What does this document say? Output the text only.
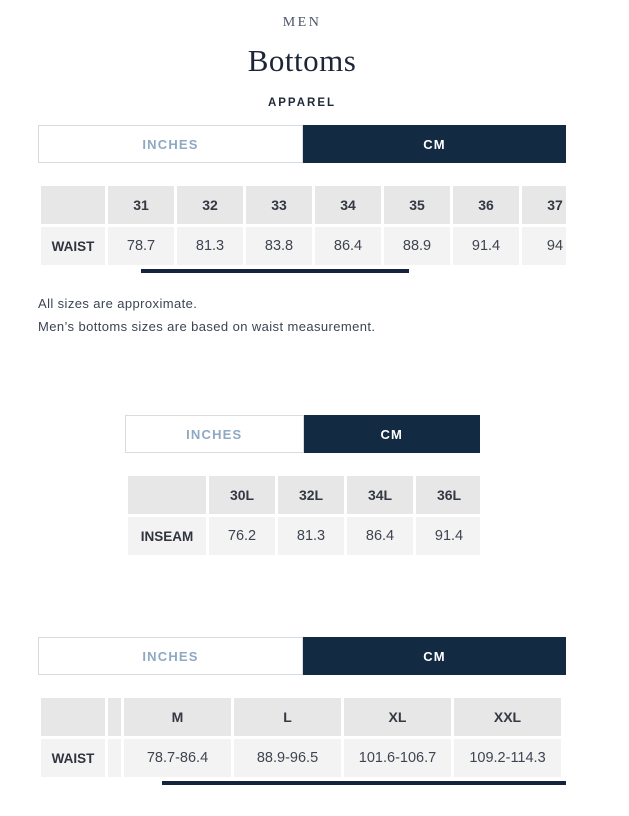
MEN
Bottoms
APPAREL
INCHES	CM
	31	32	33	34	35	36	37
WAIST	78.7	81.3	83.8	86.4	88.9	91.4	94

All sizes are approximate.

Men’s bottoms sizes are based on waist measurement.

INCHES	CM
	30L	32L	34L	36L
INSEAM	76.2	81.3	86.4	91.4
INCHES	CM
		M	L	XL	XXL
WAIST		78.7-86.4	88.9-96.5	101.6-106.7	109.2-114.3
